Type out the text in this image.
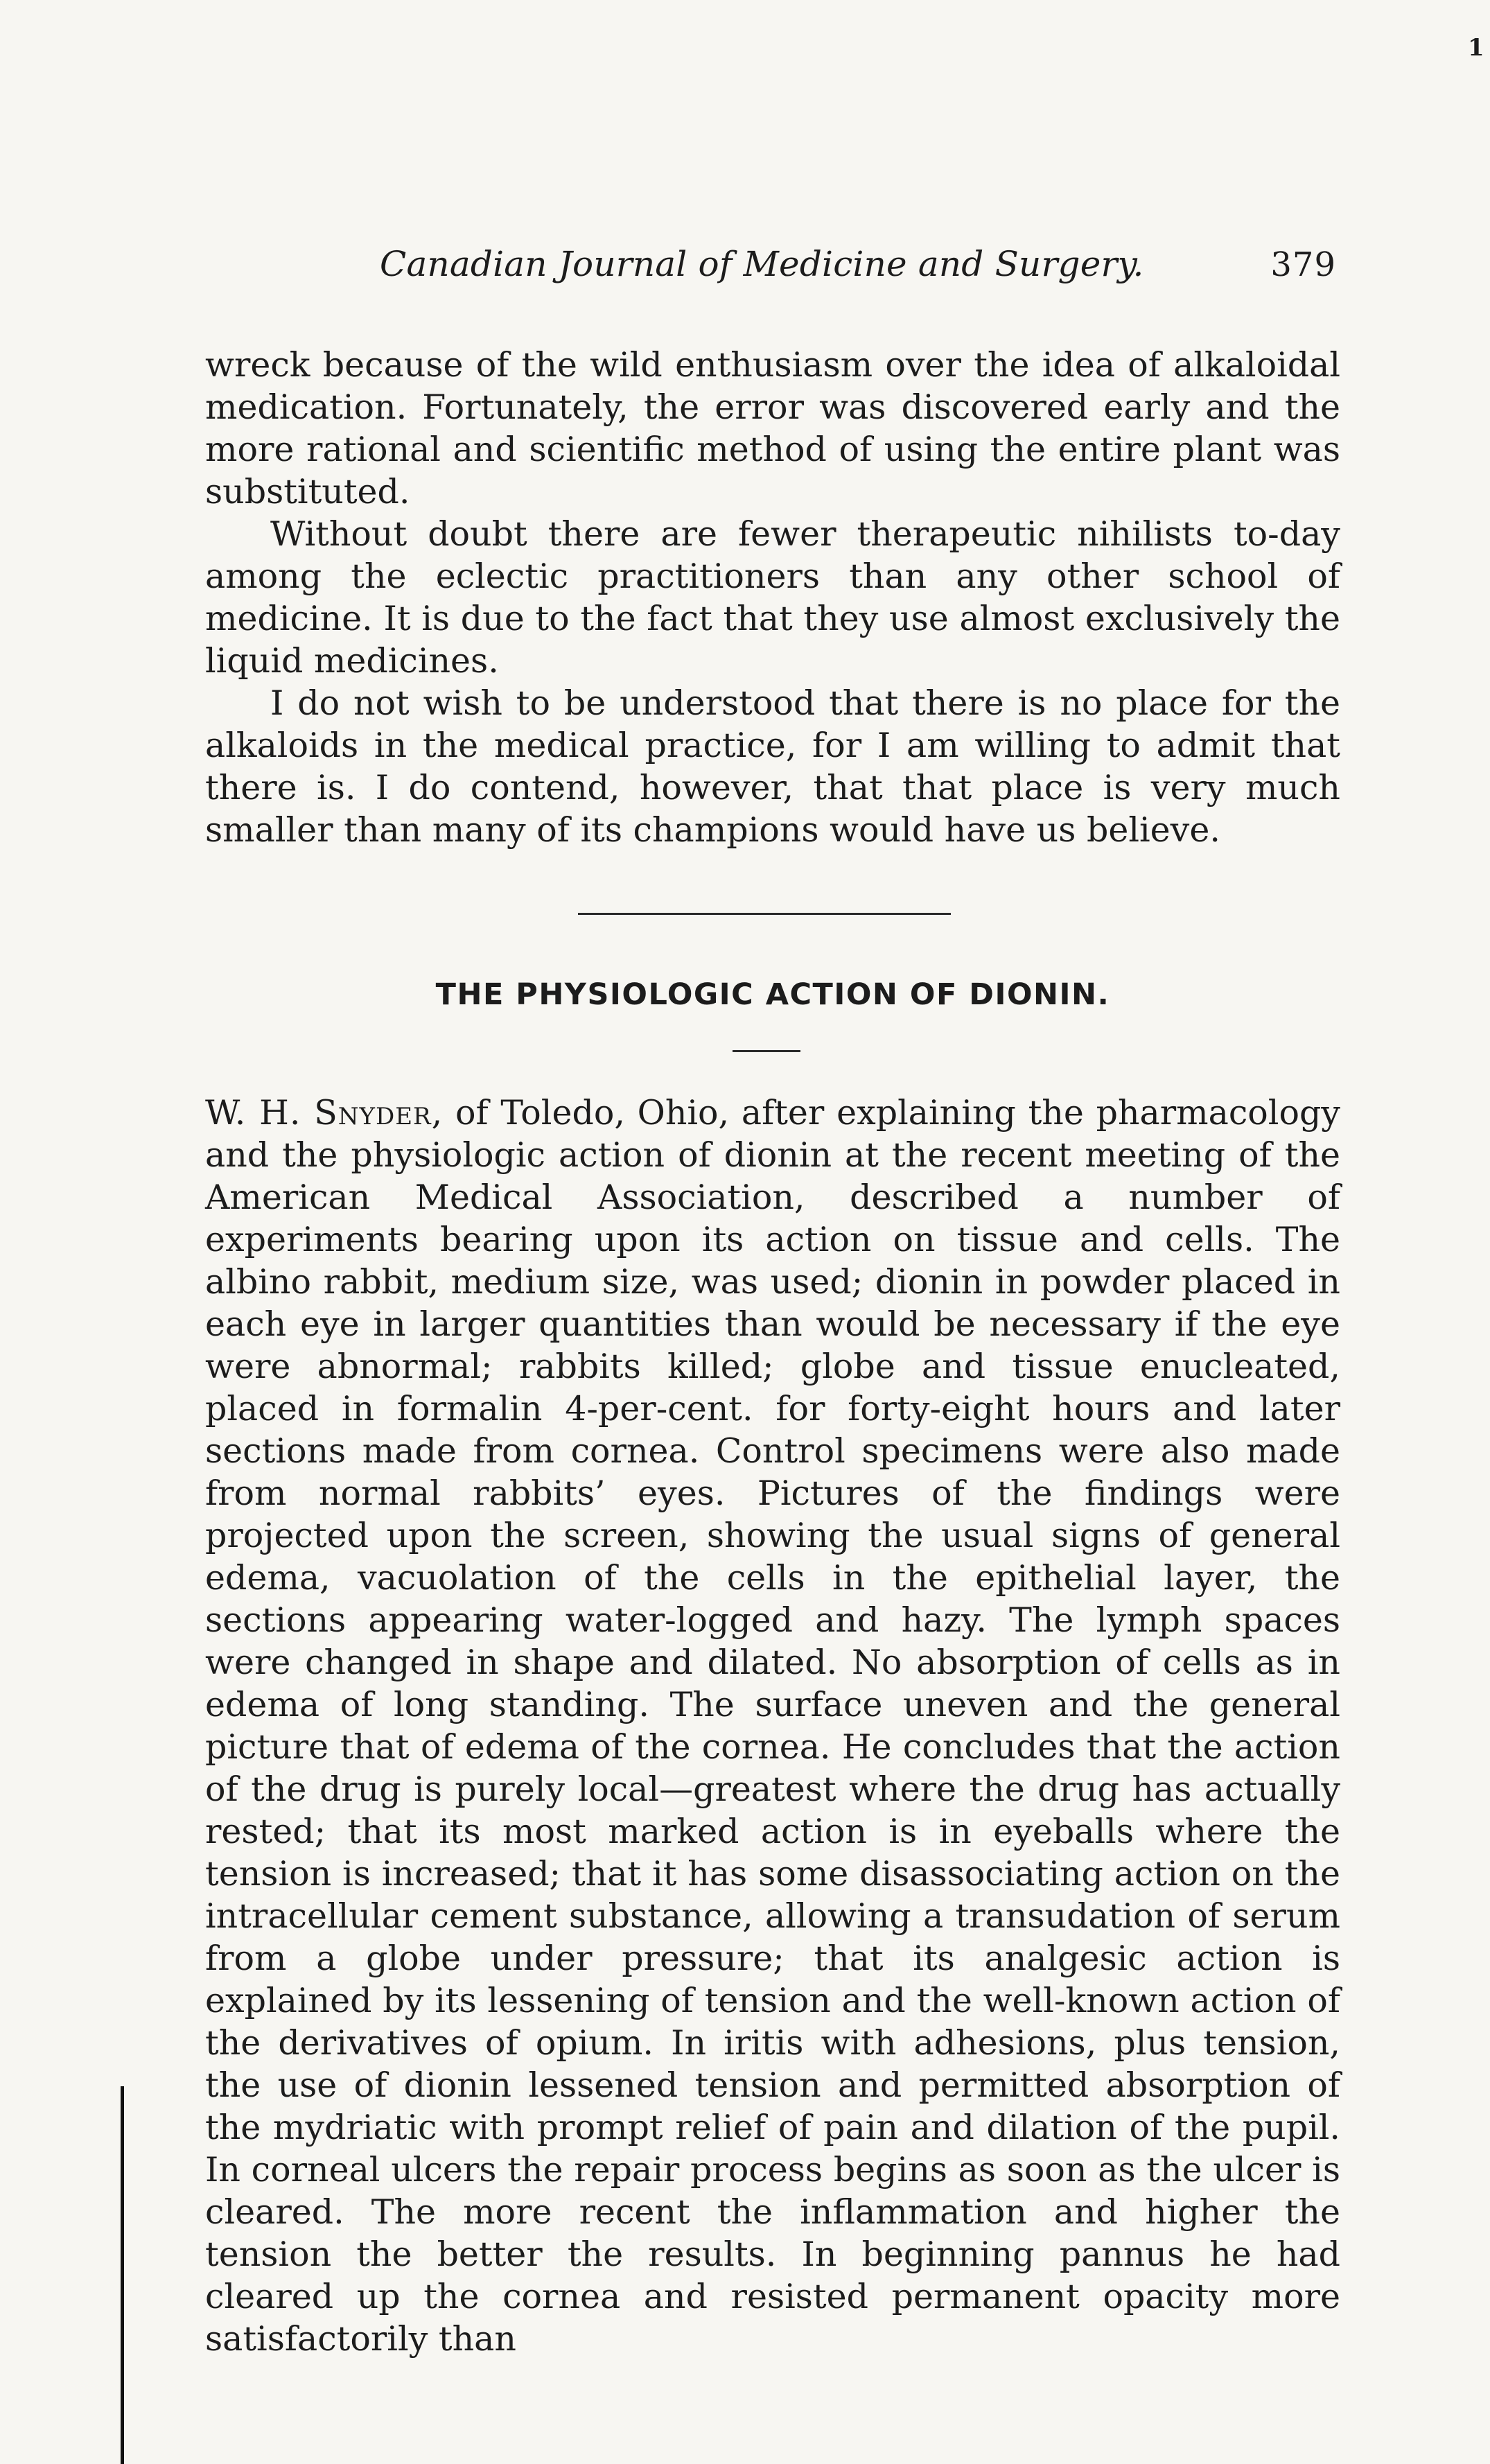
1
Canadian Journal of Medicine and Surgery.	379

wreck because of the wild enthusiasm over the idea of alkaloidal medication. Fortunately, the error was discovered early and the more rational and scientific method of using the entire plant was substituted.

Without doubt there are fewer therapeutic nihilists to-day among the eclectic practitioners than any other school of medicine. It is due to the fact that they use almost exclusively the liquid medicines.

I do not wish to be understood that there is no place for the alkaloids in the medical practice, for I am willing to admit that there is. I do contend, however, that that place is very much smaller than many of its champions would have us believe.

THE PHYSIOLOGIC ACTION OF DIONIN.

W. H. Snyder, of Toledo, Ohio, after explaining the pharmacology and the physiologic action of dionin at the recent meeting of the American Medical Association, described a number of experiments bearing upon its action on tissue and cells. The albino rabbit, medium size, was used; dionin in powder placed in each eye in larger quantities than would be necessary if the eye were abnormal; rabbits killed; globe and tissue enucleated, placed in formalin 4-per-cent. for forty-eight hours and later sections made from cornea. Control specimens were also made from normal rabbits’ eyes. Pictures of the findings were projected upon the screen, showing the usual signs of general edema, vacuolation of the cells in the epithelial layer, the sections appearing water-logged and hazy. The lymph spaces were changed in shape and dilated. No absorption of cells as in edema of long standing. The surface uneven and the general picture that of edema of the cornea. He concludes that the action of the drug is purely local—greatest where the drug has actually rested; that its most marked action is in eyeballs where the tension is increased; that it has some disassociating action on the intracellular cement substance, allowing a transudation of serum from a globe under pressure; that its analgesic action is explained by its lessening of tension and the well-known action of the derivatives of opium. In iritis with adhesions, plus tension, the use of dionin lessened tension and permitted absorption of the mydriatic with prompt relief of pain and dilation of the pupil. In corneal ulcers the repair process begins as soon as the ulcer is cleared. The more recent the inflammation and higher the tension the better the results. In beginning pannus he had cleared up the cornea and resisted permanent opacity more satisfactorily than
